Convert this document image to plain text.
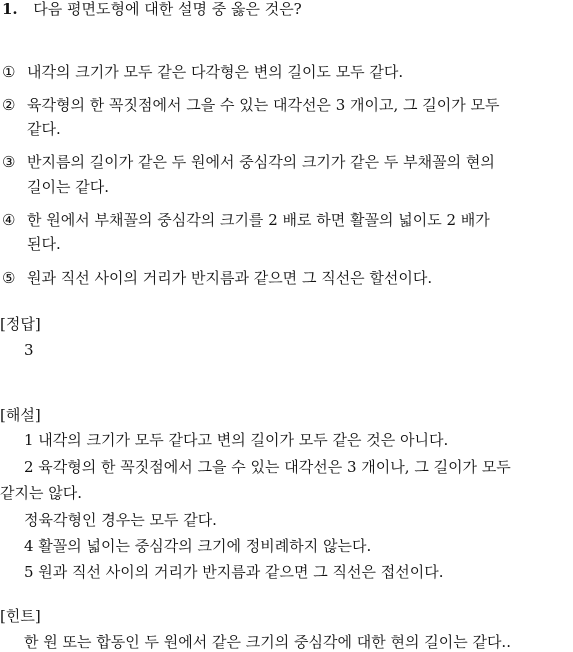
1. 다음 평면도형에 대한 설명 중 옳은 것은?
① 내각의 크기가 모두 같은 다각형은 변의 길이도 모두 같다.
② 육각형의 한 꼭짓점에서 그을 수 있는 대각선은 3 개이고, 그 길이가 모두
같다.
③ 반지름의 길이가 같은 두 원에서 중심각의 크기가 같은 두 부채꼴의 현의
길이는 같다.
④ 한 원에서 부채꼴의 중심각의 크기를 2 배로 하면 활꼴의 넓이도 2 배가
된다.
⑤ 원과 직선 사이의 거리가 반지름과 같으면 그 직선은 할선이다.
[정답]
3
[해설]
1 내각의 크기가 모두 같다고 변의 길이가 모두 같은 것은 아니다.
2 육각형의 한 꼭짓점에서 그을 수 있는 대각선은 3 개이나, 그 길이가 모두
같지는 않다.
정육각형인 경우는 모두 같다.
4 활꼴의 넓이는 중심각의 크기에 정비례하지 않는다.
5 원과 직선 사이의 거리가 반지름과 같으면 그 직선은 접선이다.
[힌트]
한 원 또는 합동인 두 원에서 같은 크기의 중심각에 대한 현의 길이는 같다..
